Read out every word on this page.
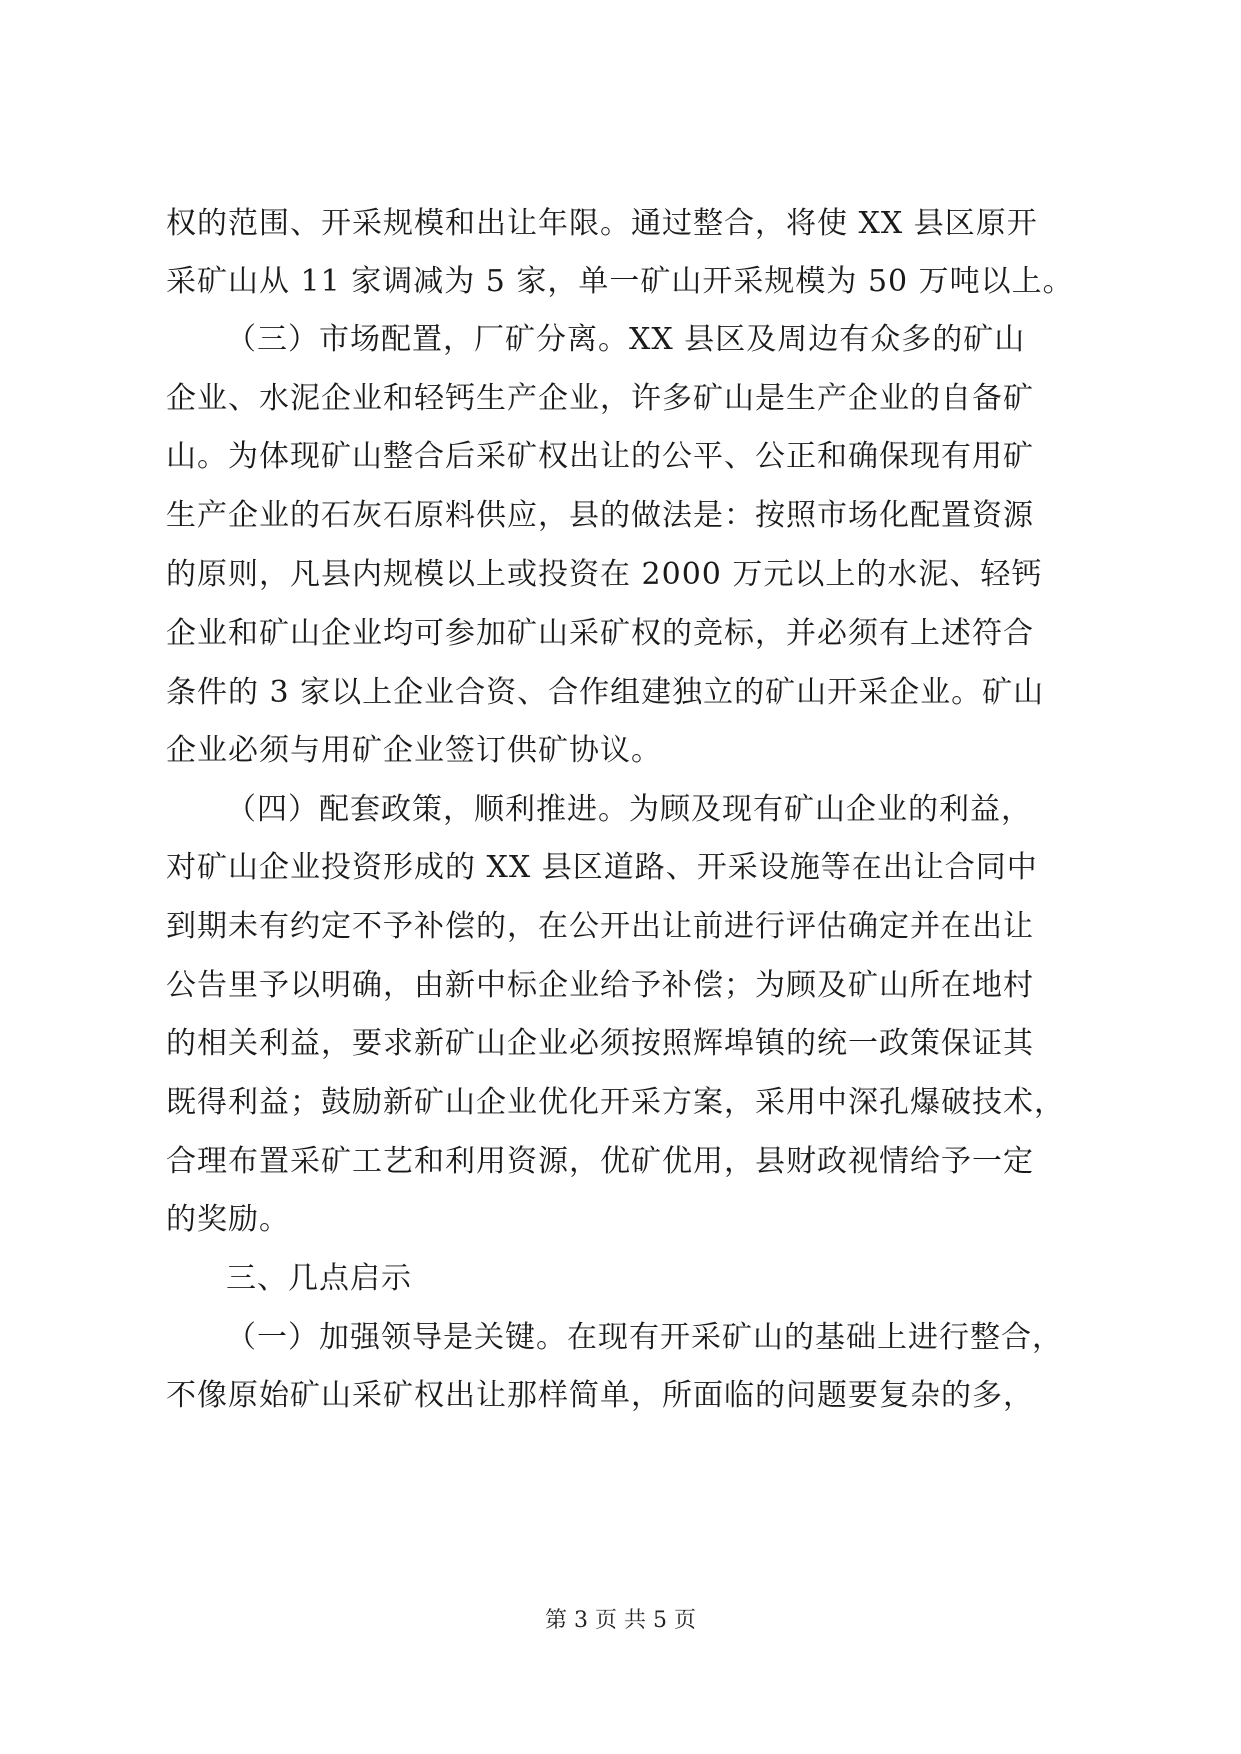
权的范围、开采规模和出让年限。通过整合，将使 XX 县区原开
采矿山从 11 家调减为 5 家，单一矿山开采规模为 50 万吨以上。
（三）市场配置，厂矿分离。XX 县区及周边有众多的矿山
企业、水泥企业和轻钙生产企业，许多矿山是生产企业的自备矿
山。为体现矿山整合后采矿权出让的公平、公正和确保现有用矿
生产企业的石灰石原料供应，县的做法是：按照市场化配置资源
的原则，凡县内规模以上或投资在 2000 万元以上的水泥、轻钙
企业和矿山企业均可参加矿山采矿权的竞标，并必须有上述符合
条件的 3 家以上企业合资、合作组建独立的矿山开采企业。矿山
企业必须与用矿企业签订供矿协议。
（四）配套政策，顺利推进。为顾及现有矿山企业的利益，
对矿山企业投资形成的 XX 县区道路、开采设施等在出让合同中
到期未有约定不予补偿的，在公开出让前进行评估确定并在出让
公告里予以明确，由新中标企业给予补偿；为顾及矿山所在地村
的相关利益，要求新矿山企业必须按照辉埠镇的统一政策保证其
既得利益；鼓励新矿山企业优化开采方案，采用中深孔爆破技术，
合理布置采矿工艺和利用资源，优矿优用，县财政视情给予一定
的奖励。
三、几点启示
（一）加强领导是关键。在现有开采矿山的基础上进行整合，
不像原始矿山采矿权出让那样简单，所面临的问题要复杂的多，
第 3 页 共 5 页
